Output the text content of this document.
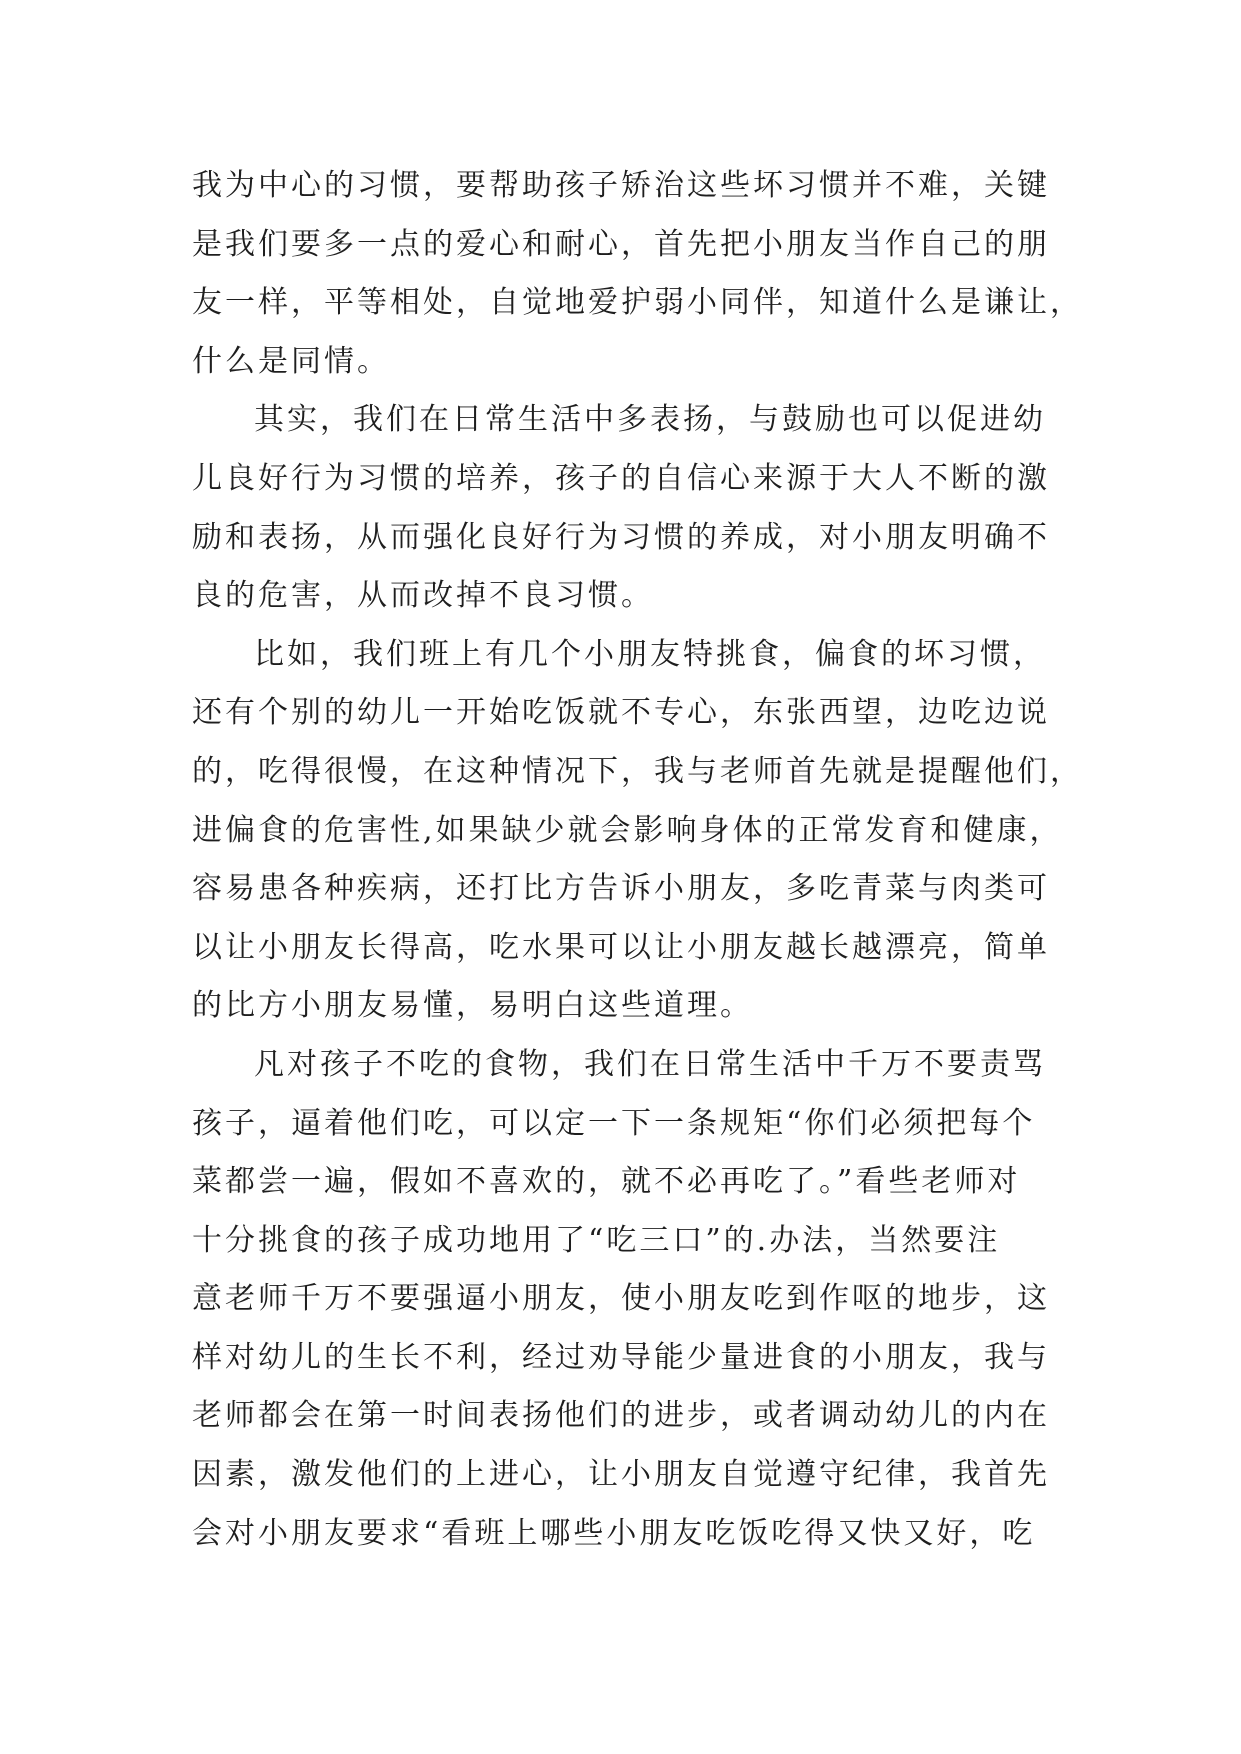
我为中心的习惯，要帮助孩子矫治这些坏习惯并不难，关键
是我们要多一点的爱心和耐心，首先把小朋友当作自己的朋
友一样，平等相处，自觉地爱护弱小同伴，知道什么是谦让，
什么是同情。
其实，我们在日常生活中多表扬，与鼓励也可以促进幼
儿良好行为习惯的培养，孩子的自信心来源于大人不断的激
励和表扬，从而强化良好行为习惯的养成，对小朋友明确不
良的危害，从而改掉不良习惯。
比如，我们班上有几个小朋友特挑食，偏食的坏习惯，
还有个别的幼儿一开始吃饭就不专心，东张西望，边吃边说
的，吃得很慢，在这种情况下，我与老师首先就是提醒他们，
进偏食的危害性,如果缺少就会影响身体的正常发育和健康，
容易患各种疾病，还打比方告诉小朋友，多吃青菜与肉类可
以让小朋友长得高，吃水果可以让小朋友越长越漂亮，简单
的比方小朋友易懂，易明白这些道理。
凡对孩子不吃的食物，我们在日常生活中千万不要责骂
孩子，逼着他们吃，可以定一下一条规矩“你们必须把每个
菜都尝一遍，假如不喜欢的，就不必再吃了。”看些老师对
十分挑食的孩子成功地用了“吃三口”的.办法，当然要注
意老师千万不要强逼小朋友，使小朋友吃到作呕的地步，这
样对幼儿的生长不利，经过劝导能少量进食的小朋友，我与
老师都会在第一时间表扬他们的进步，或者调动幼儿的内在
因素，激发他们的上进心，让小朋友自觉遵守纪律，我首先
会对小朋友要求“看班上哪些小朋友吃饭吃得又快又好，吃
